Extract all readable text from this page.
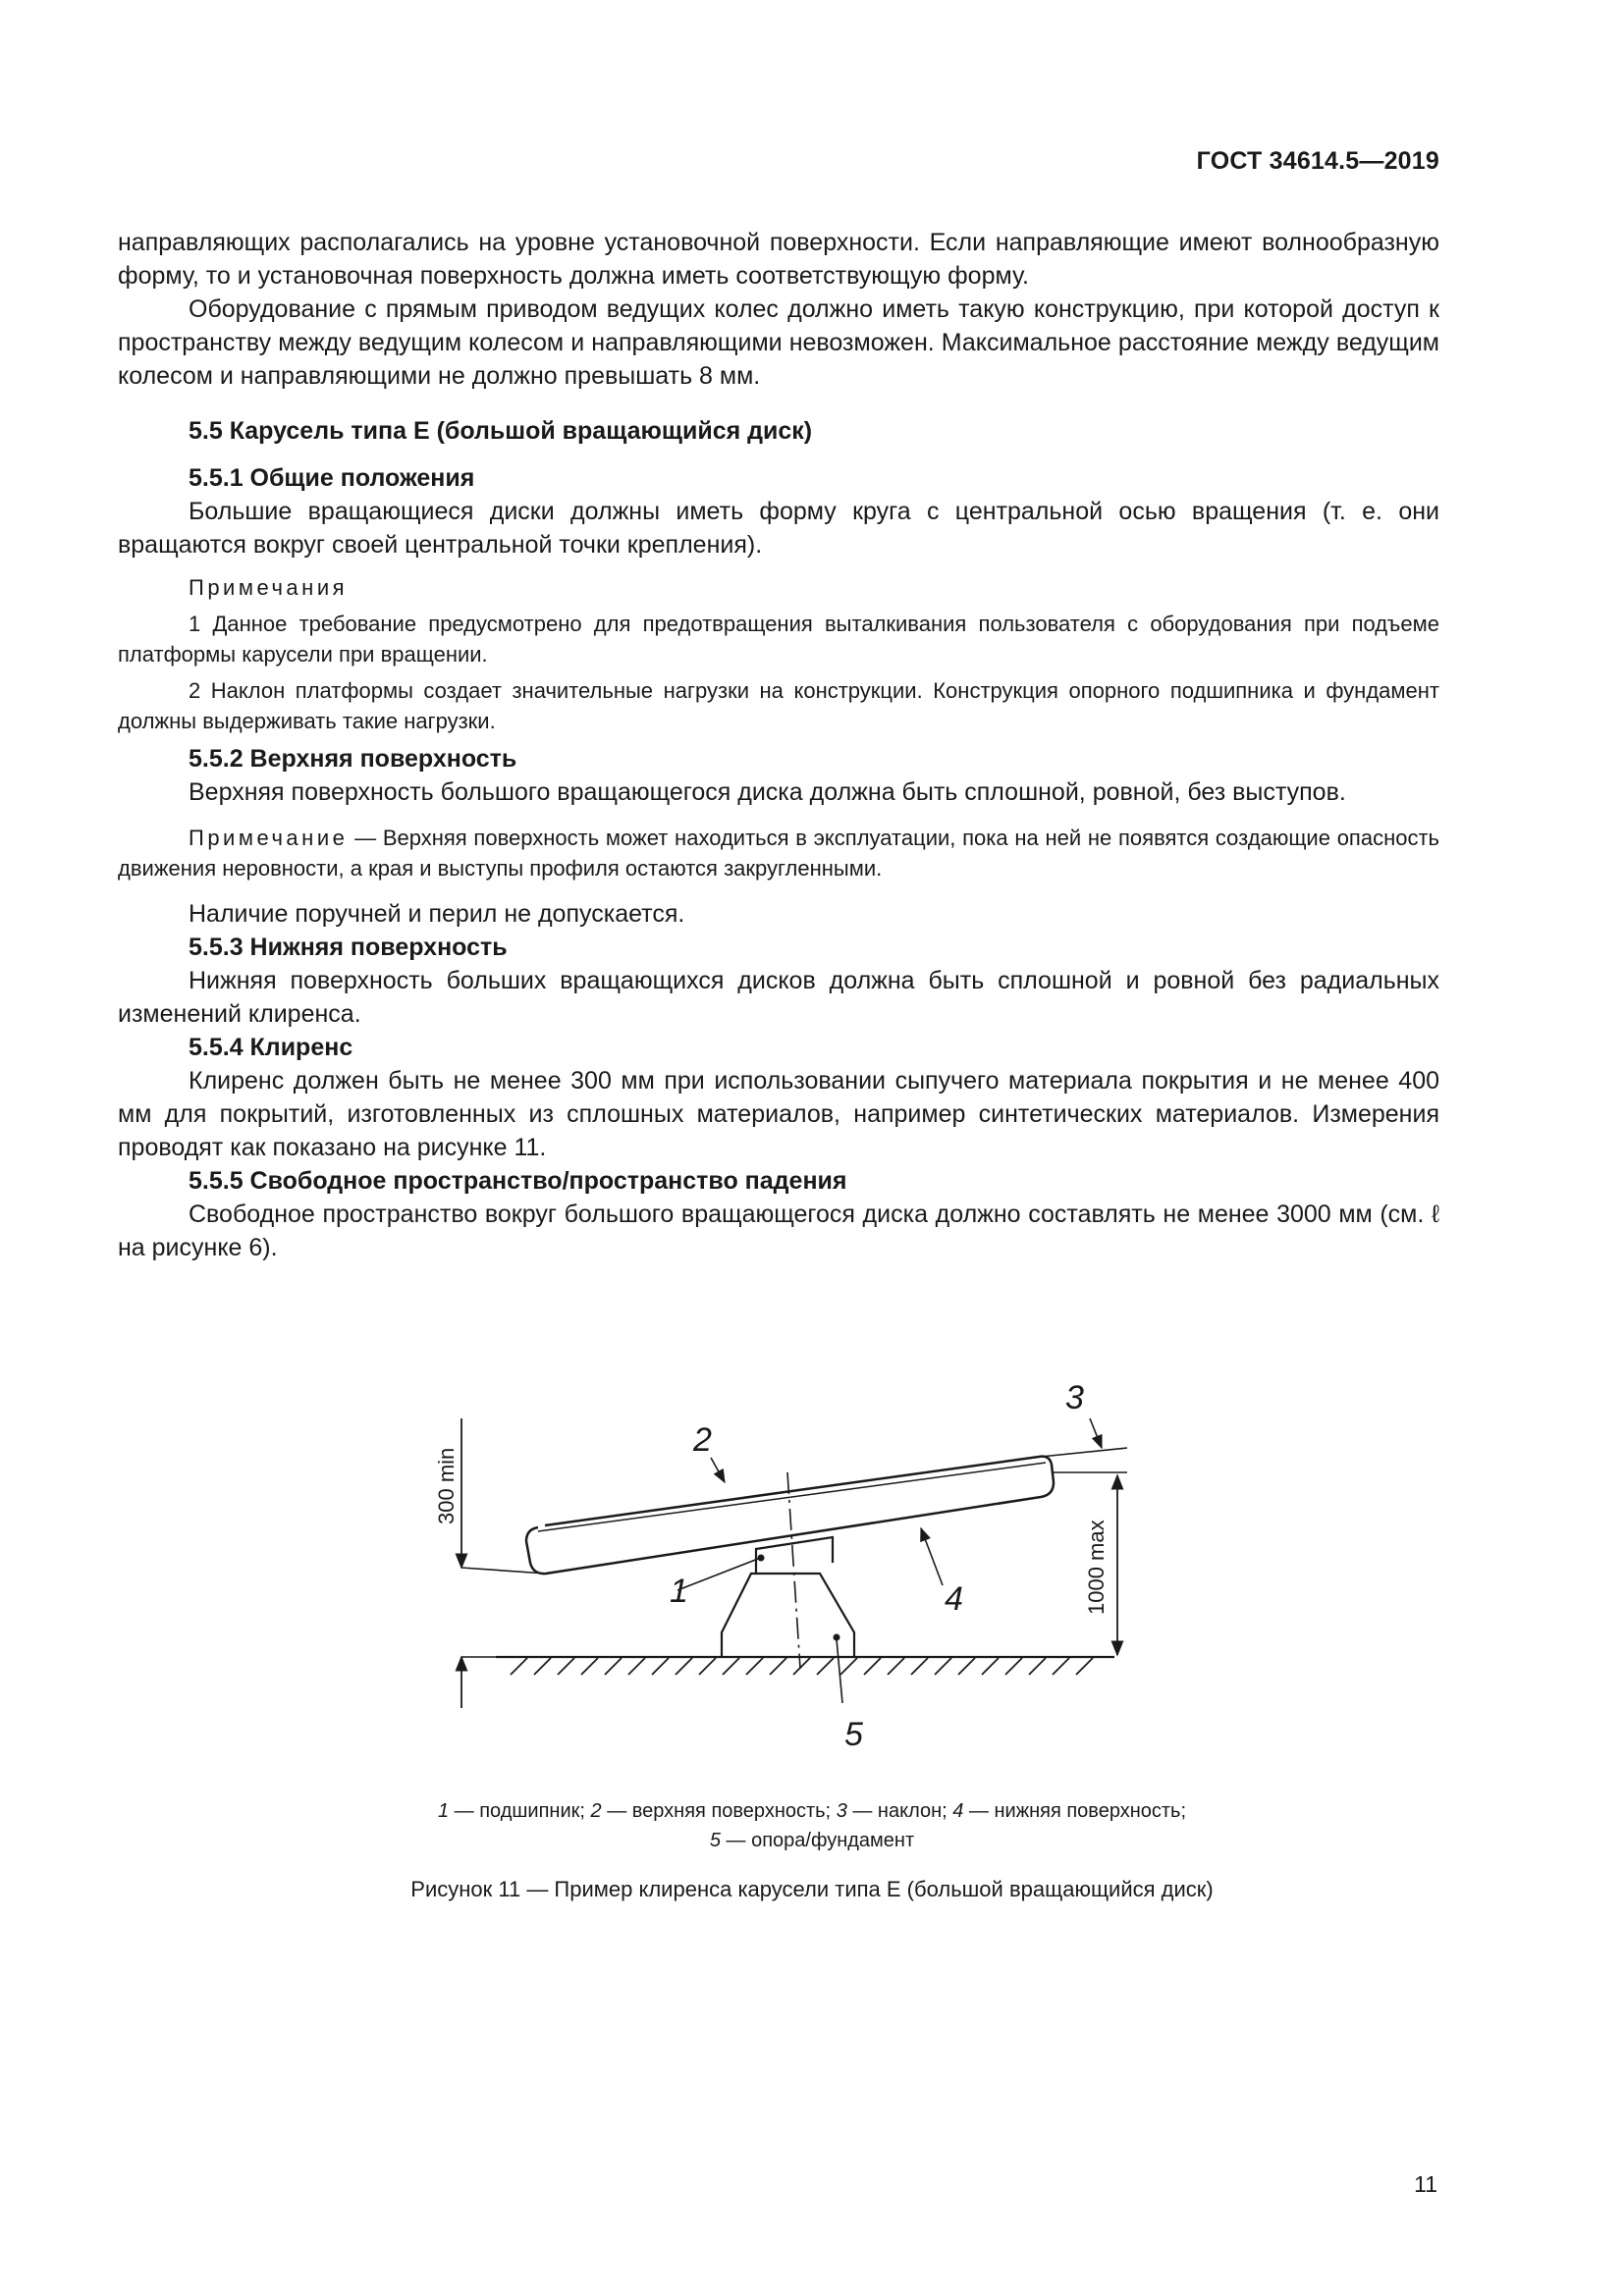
ГОСТ 34614.5—2019

направляющих располагались на уровне установочной поверхности. Если направляющие имеют волнообразную форму, то и установочная поверхность должна иметь соответствующую форму.

Оборудование с прямым приводом ведущих колес должно иметь такую конструкцию, при которой доступ к пространству между ведущим колесом и направляющими невозможен. Максимальное расстояние между ведущим колесом и направляющими не должно превышать 8 мм.

5.5 Карусель типа Е (большой вращающийся диск)
5.5.1 Общие положения

Большие вращающиеся диски должны иметь форму круга с центральной осью вращения (т. е. они вращаются вокруг своей центральной точки крепления).

Примечания

1 Данное требование предусмотрено для предотвращения выталкивания пользователя с оборудования при подъеме платформы карусели при вращении.

2 Наклон платформы создает значительные нагрузки на конструкции. Конструкция опорного подшипника и фундамент должны выдерживать такие нагрузки.

5.5.2 Верхняя поверхность

Верхняя поверхность большого вращающегося диска должна быть сплошной, ровной, без выступов.

Примечание — Верхняя поверхность может находиться в эксплуатации, пока на ней не появятся создающие опасность движения неровности, а края и выступы профиля остаются закругленными.

Наличие поручней и перил не допускается.

5.5.3 Нижняя поверхность

Нижняя поверхность больших вращающихся дисков должна быть сплошной и ровной без радиальных изменений клиренса.

5.5.4 Клиренс

Клиренс должен быть не менее 300 мм при использовании сыпучего материала покрытия и не менее 400 мм для покрытий, изготовленных из сплошных материалов, например синтетических материалов. Измерения проводят как показано на рисунке 11.

5.5.5 Свободное пространство/пространство падения

Свободное пространство вокруг большого вращающегося диска должно составлять не менее 3000 мм (см. ℓ на рисунке 6).

1
2
3
4
5
300 min
1000 max
1 — подшипник; 2 — верхняя поверхность; 3 — наклон; 4 — нижняя поверхность;
5 — опора/фундамент
Рисунок 11 — Пример клиренса карусели типа Е (большой вращающийся диск)
11
